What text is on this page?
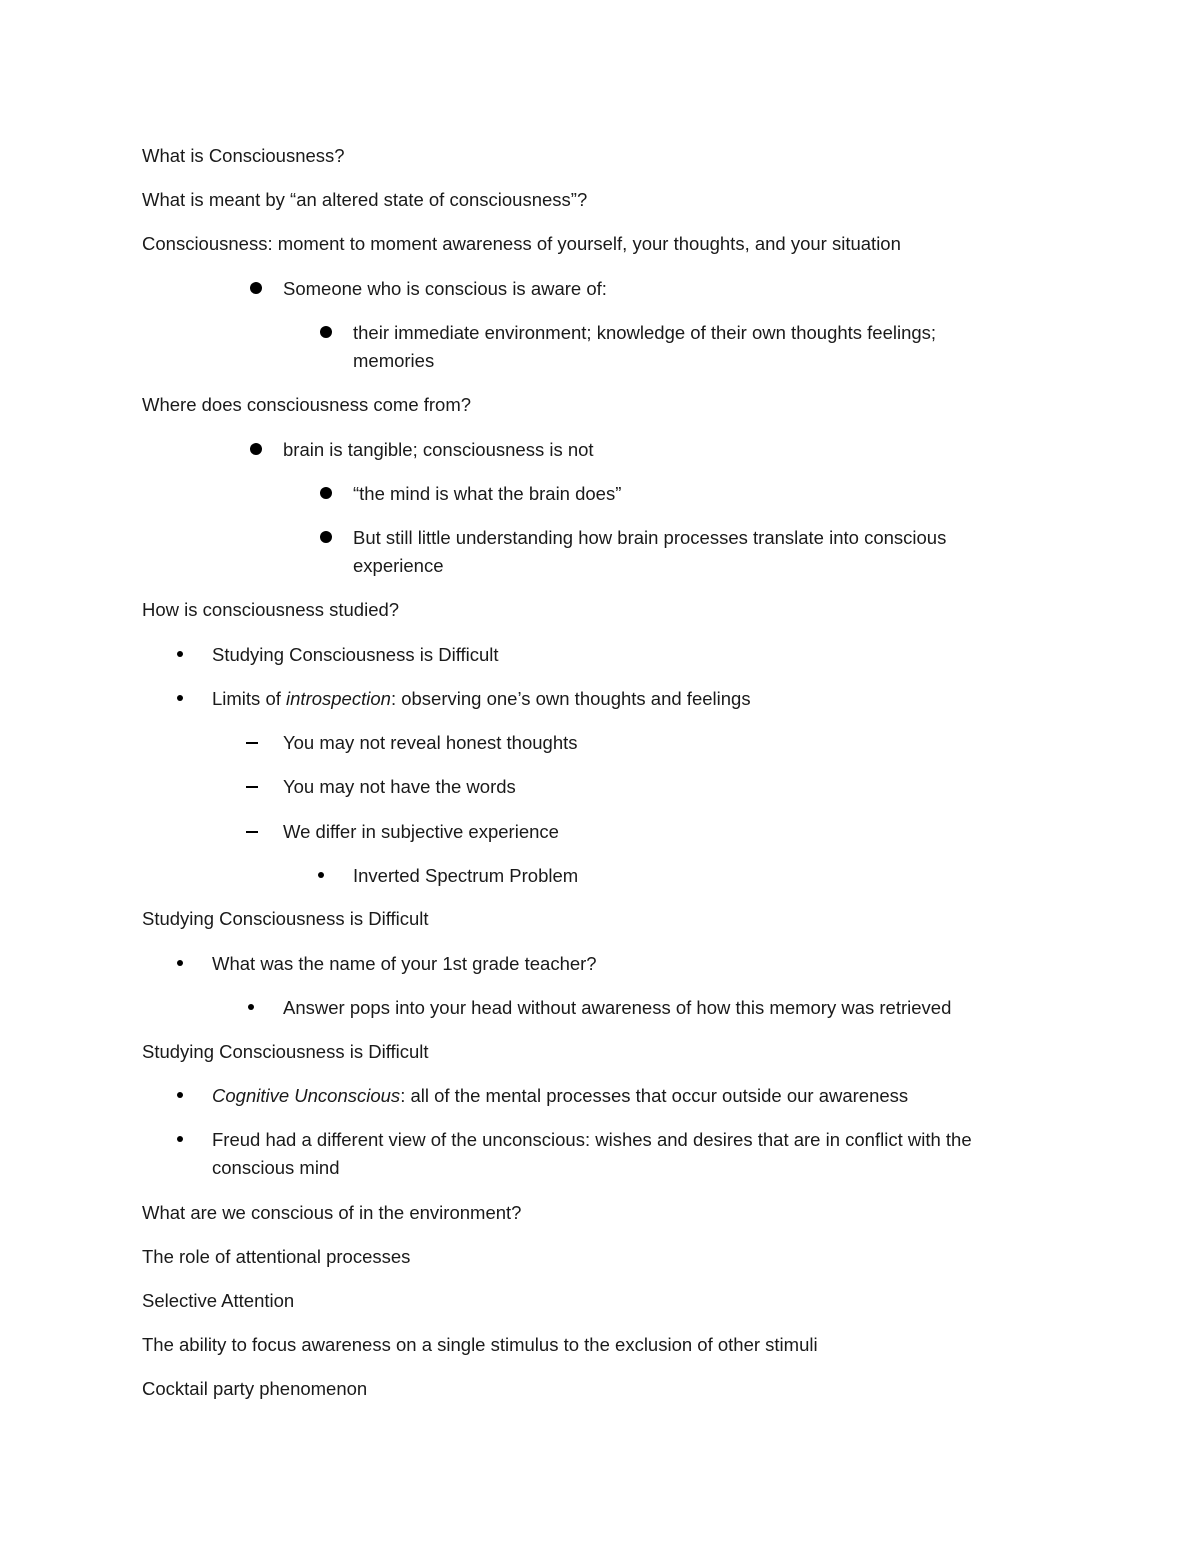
What is Consciousness?
What is meant by “an altered state of consciousness”?
Consciousness: moment to moment awareness of yourself, your thoughts, and your situation
Someone who is conscious is aware of:
their immediate environment; knowledge of their own thoughts feelings;
memories
Where does consciousness come from?
brain is tangible; consciousness is not
“the mind is what the brain does”
But still little understanding how brain processes translate into conscious
experience
How is consciousness studied?
Studying Consciousness is Difficult
Limits of introspection: observing one’s own thoughts and feelings
You may not reveal honest thoughts
You may not have the words
We differ in subjective experience
Inverted Spectrum Problem
Studying Consciousness is Difficult
What was the name of your 1st grade teacher?
Answer pops into your head without awareness of how this memory was retrieved
Studying Consciousness is Difficult
Cognitive Unconscious: all of the mental processes that occur outside our awareness
Freud had a different view of the unconscious: wishes and desires that are in conflict with the
conscious mind
What are we conscious of in the environment?
The role of attentional processes
Selective Attention
The ability to focus awareness on a single stimulus to the exclusion of other stimuli
Cocktail party phenomenon
